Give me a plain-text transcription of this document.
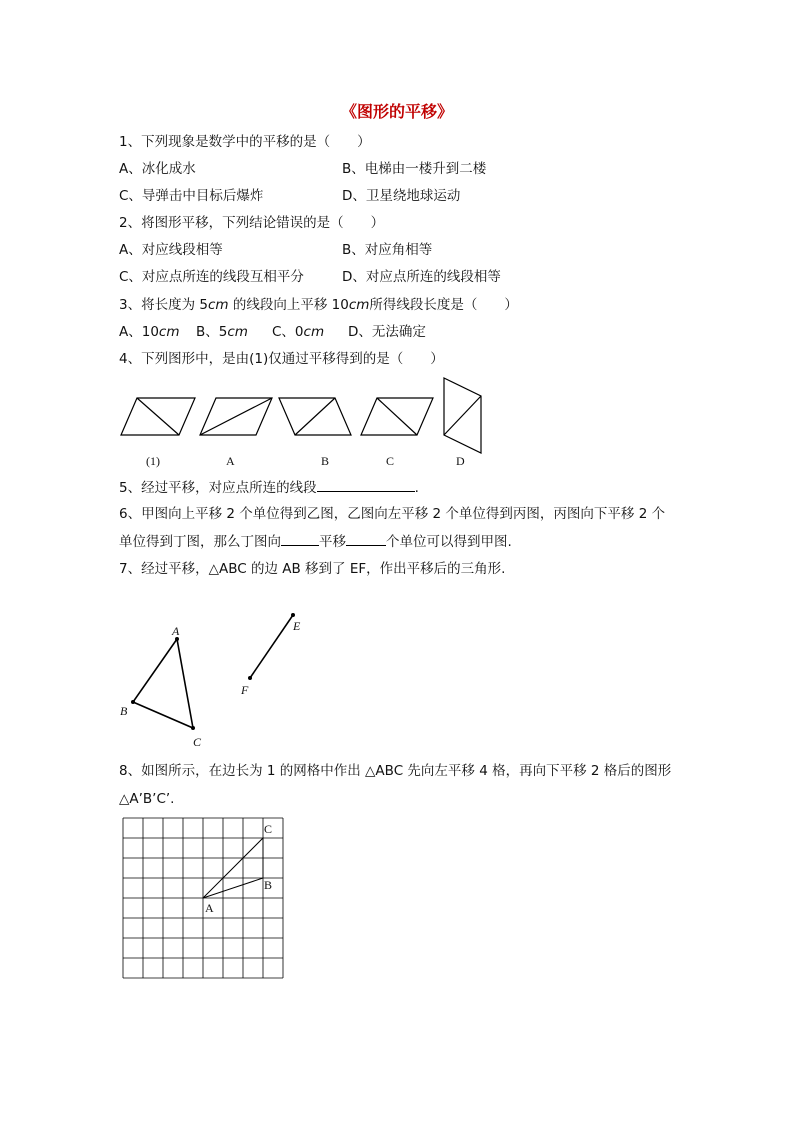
《图形的平移》
1、下列现象是数学中的平移的是（　　）
A、冰化成水	B、电梯由一楼升到二楼
C、导弹击中目标后爆炸	D、卫星绕地球运动
2、将图形平移，下列结论错误的是（　　）
A、对应线段相等	B、对应角相等
C、对应点所连的线段互相平分	D、对应点所连的线段相等
3、将长度为 5cm 的线段向上平移 10cm所得线段长度是（　　）
A、10cm B、5cm C、0cm D、无法确定
4、下列图形中，是由(1)仅通过平移得到的是（　　）
(1)	A	B	C	D
5、经过平移，对应点所连的线段	.
6、甲图向上平移 2 个单位得到乙图，乙图向左平移 2 个单位得到丙图，丙图向下平移 2 个
单位得到丁图，那么丁图向	平移	个单位可以得到甲图.
7、经过平移，△ABC 的边 AB 移到了 EF，作出平移后的三角形.
A
B
C
E
F
8、如图所示，在边长为 1 的网格中作出 △ABC 先向左平移 4 格，再向下平移 2 格后的图形
△A’B’C’.
A
B
C
